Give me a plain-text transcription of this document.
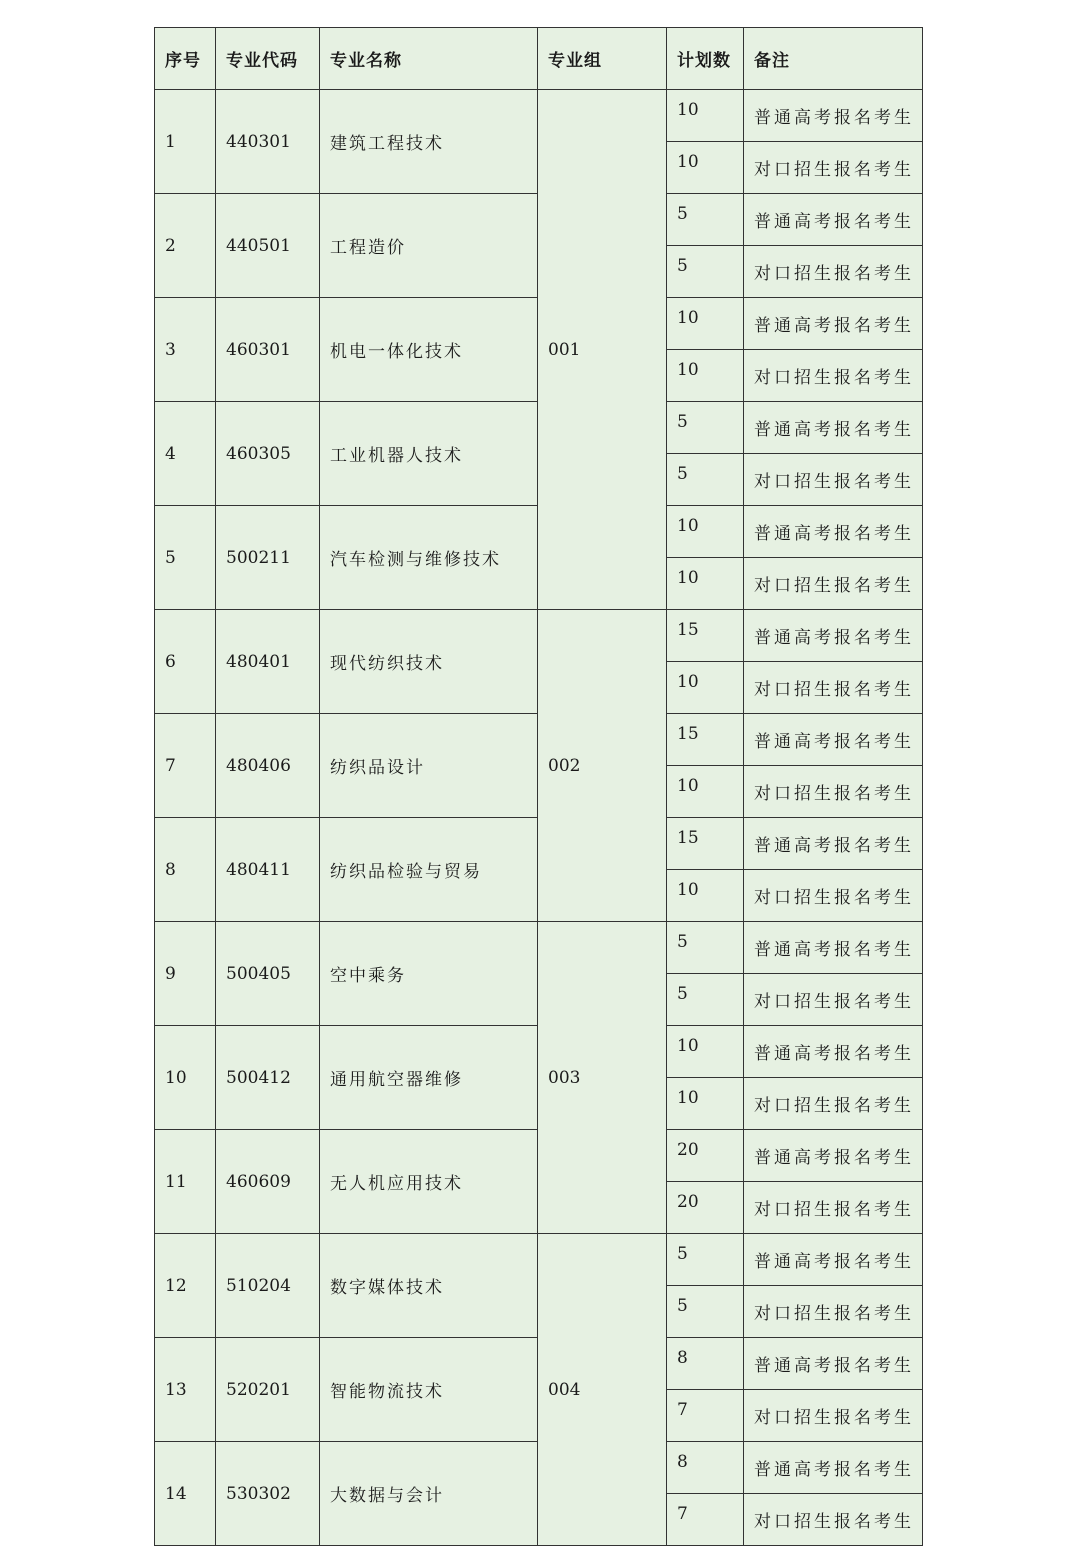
序号	专业代码	专业名称	专业组	计划数	备注
1	440301	建筑工程技术	001	10	普通高考报名考生
				10	对口招生报名考生
2	440501	工程造价		5	普通高考报名考生
				5	对口招生报名考生
3	460301	机电一体化技术		10	普通高考报名考生
				10	对口招生报名考生
4	460305	工业机器人技术		5	普通高考报名考生
				5	对口招生报名考生
5	500211	汽车检测与维修技术		10	普通高考报名考生
				10	对口招生报名考生
6	480401	现代纺织技术	002	15	普通高考报名考生
				10	对口招生报名考生
7	480406	纺织品设计		15	普通高考报名考生
				10	对口招生报名考生
8	480411	纺织品检验与贸易		15	普通高考报名考生
				10	对口招生报名考生
9	500405	空中乘务	003	5	普通高考报名考生
				5	对口招生报名考生
10	500412	通用航空器维修		10	普通高考报名考生
				10	对口招生报名考生
11	460609	无人机应用技术		20	普通高考报名考生
				20	对口招生报名考生
12	510204	数字媒体技术	004	5	普通高考报名考生
				5	对口招生报名考生
13	520201	智能物流技术		8	普通高考报名考生
				7	对口招生报名考生
14	530302	大数据与会计		8	普通高考报名考生
				7	对口招生报名考生
